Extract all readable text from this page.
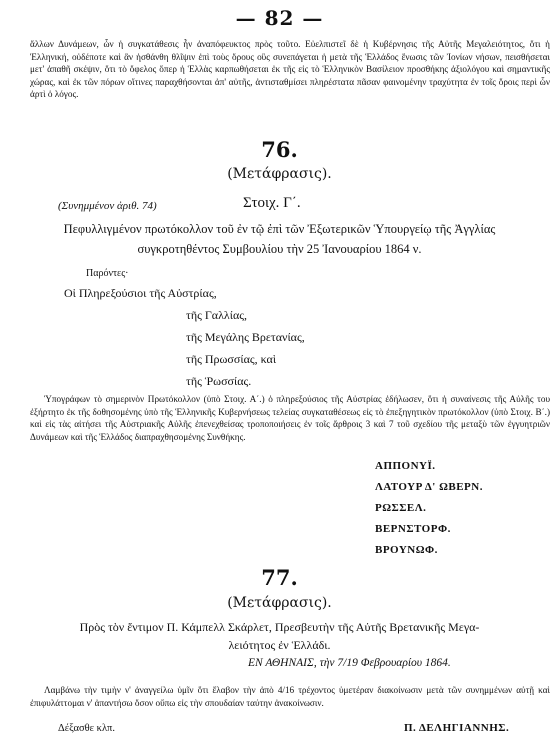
— 82 —

ἄλλων Δυνάμεων, ὧν ἡ συγκατάθεσις ἦν ἀναπόφευκτος πρὸς τοῦτο. Εὐελπιστεῖ δὲ ἡ Κυβέρνησις τῆς Αὐτῆς Μεγαλειότητος, ὅτι ἡ Ἑλληνική, οὐδέποτε καὶ ἂν ἠσθάνθη θλῖψιν ἐπὶ τοὺς ὅρους οὓς συνεπάγεται ἡ μετὰ τῆς Ἑλλάδος ἕνωσις τῶν Ἰονίων νήσων, πεισθήσεται μετ' ἀπαθῆ σκέψιν, ὅτι τὸ ὄφελος ὅπερ ἡ Ἑλλὰς καρπωθήσεται ἐκ τῆς εἰς τὸ Ἑλληνικὸν Βασίλειον προσθήκης ἀξιολόγου καὶ σημαντικῆς χώρας, καὶ ἐκ τῶν πόρων οἵτινες παραχθήσονται ἀπ' αὐτῆς, ἀντισταθμίσει πληρέστατα πᾶσαν φαινομένην τραχύτητα ἐν τοῖς ὅροις περὶ ὧν ἀρτὶ ὁ λόγος.

76.
(Μετάφρασις).
(Συνημμένον ἀριθ. 74)	Στοιχ. Γ΄.
Πεφυλλιγμένον πρωτόκολλον τοῦ ἐν τῷ ἐπὶ τῶν Ἐξωτερικῶν Ὑπουργείῳ τῆς Ἀγγλίας
συγκροτηθέντος Συμβουλίου τὴν 25 Ἰανουαρίου 1864 ν.
Παρόντες·
Οἱ Πληρεξούσιοι τῆς Αὐστρίας,
τῆς Γαλλίας,
τῆς Μεγάλης Βρετανίας,
τῆς Πρωσσίας, καὶ
τῆς Ῥωσσίας.
Ὑπογράφων τὸ σημερινὸν Πρωτόκολλον (ὑπὸ Στοιχ. Α΄.) ὁ πληρεξούσιος τῆς Αὐστρίας ἐδήλωσεν, ὅτι ἡ συναίνεσις τῆς Αὐλῆς του ἐξήρτητο ἐκ τῆς δοθησομένης ὑπὸ τῆς Ἑλληνικῆς Κυβερνήσεως τελείας συγκαταθέσεως εἰς τὸ ἐπεξηγητικὸν πρωτόκολλον (ὑπὸ Στοιχ. Β΄.) καὶ εἰς τὰς αἰτήσει τῆς Αὐστριακῆς Αὐλῆς ἐπενεχθείσας τροποποιήσεις ἐν τοῖς ἄρθροις 3 καὶ 7 τοῦ σχεδίου τῆς μεταξὺ τῶν ἐγγυητριῶν Δυνάμεων καὶ τῆς Ἑλλάδος διαπραχθησομένης Συνθήκης.
ΑΠΠΟΝΥΪ.
ΛΑΤΟΥΡ Δ' ΩΒΕΡΝ.
ΡΩΣΣΕΛ.
ΒΕΡΝΣΤΟΡΦ.
ΒΡΟΥΝΩΦ.
77.
(Μετάφρασις).
Πρὸς τὸν ἔντιμον Π. Κάμπελλ Σκάρλετ, Πρεσβευτὴν τῆς Αὐτῆς Βρετανικῆς Μεγα-
λειότητος ἐν Ἑλλάδι.
ΕΝ ΑΘΗΝΑΙΣ, τὴν 7/19 Φεβρουαρίου 1864.
Λαμβάνω τὴν τιμὴν ν' ἀναγγείλω ὑμῖν ὅτι ἔλαβον τὴν ἀπὸ 4/16 τρέχοντος ὑμετέραν διακοίνωσιν μετὰ τῶν συνημμένων αὐτῇ καὶ ἐπιφυλάττομαι ν' ἀπαντήσω ὅσον οὔπω εἰς τὴν σπουδαίαν ταύτην ἀνακοίνωσιν.
Δέξασθε κλπ.	Π. ΔΕΛΗΓΙΑΝΝΗΣ.
